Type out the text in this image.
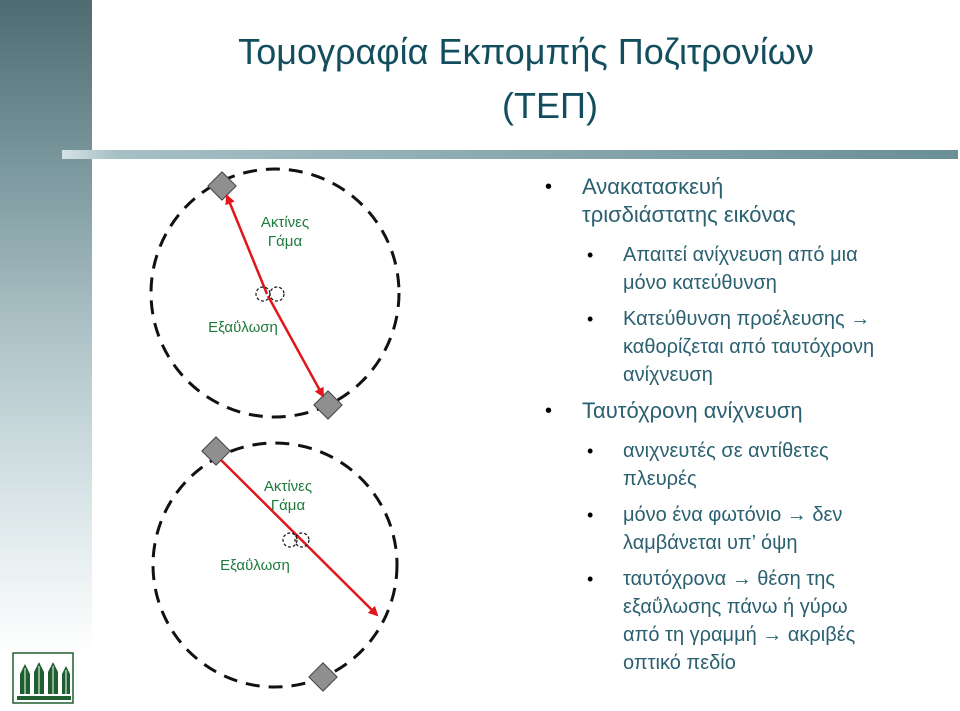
Τομογραφία Εκπομπής Ποζιτρονίων
(ΤΕΠ)
Ακτίνες
Γάμα
Εξαΰλωση
Ακτίνες
Γάμα
Εξαΰλωση
• Ανακατασκευή
τρισδιάστατης εικόνας
• Απαιτεί ανίχνευση από μια
μόνο κατεύθυνση
• Κατεύθυνση προέλευσης →
καθορίζεται από ταυτόχρονη
ανίχνευση
• Ταυτόχρονη ανίχνευση
• ανιχνευτές σε αντίθετες
πλευρές
• μόνο ένα φωτόνιο → δεν
λαμβάνεται υπ’ όψη
• ταυτόχρονα → θέση της
εξαΰλωσης πάνω ή γύρω
από τη γραμμή → ακριβές
οπτικό πεδίο
